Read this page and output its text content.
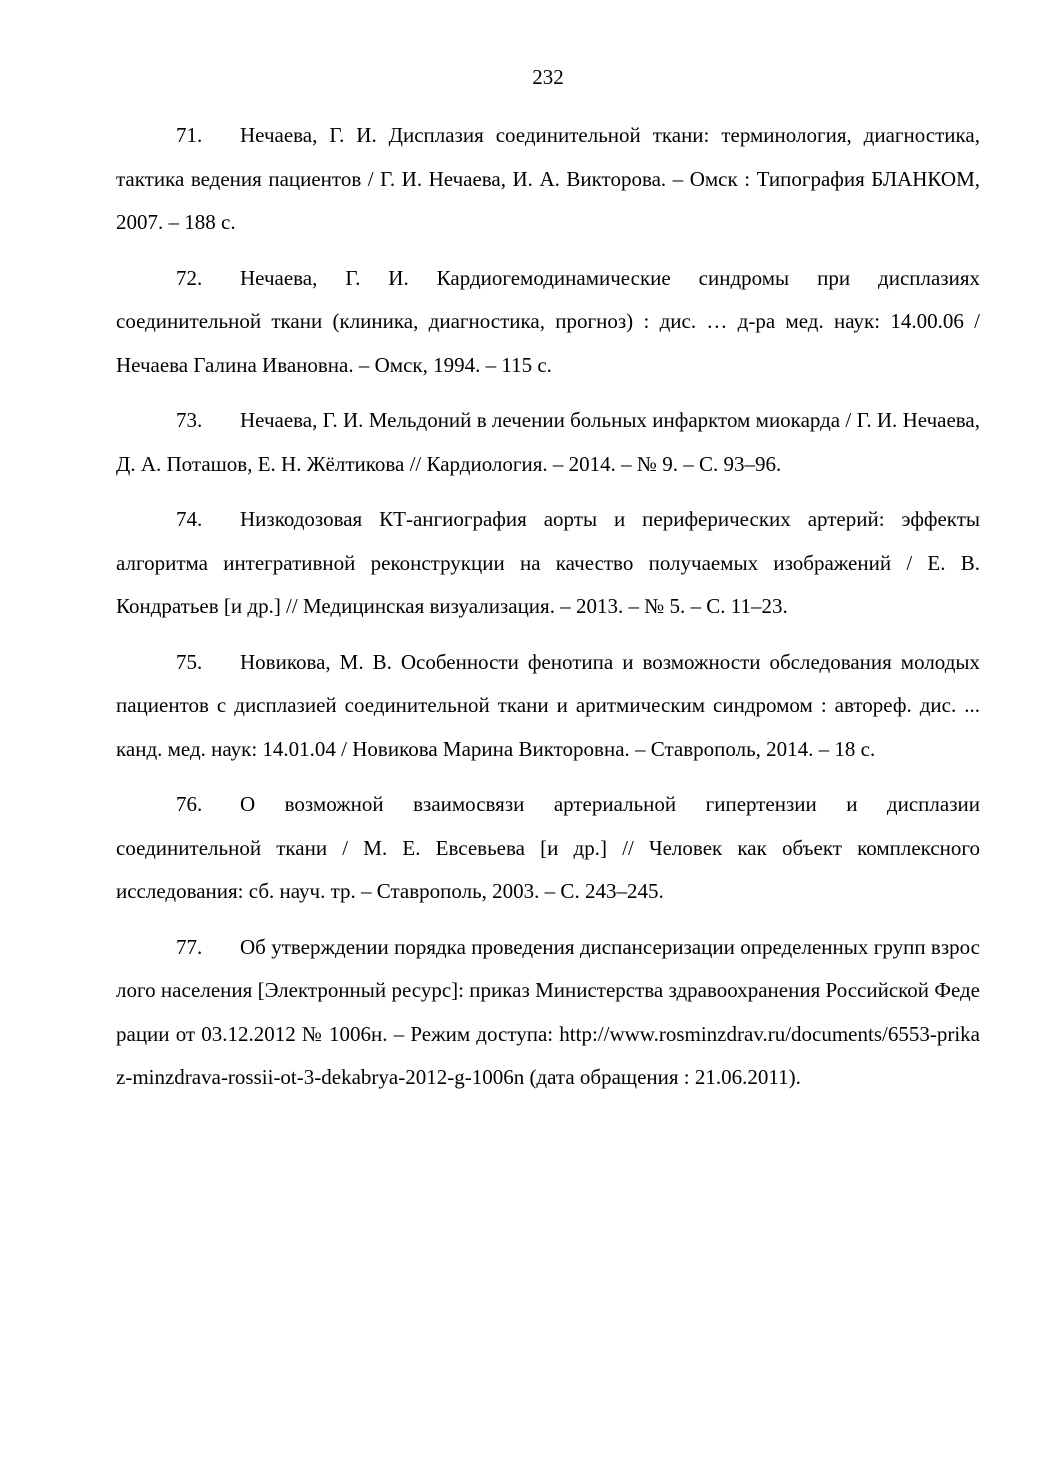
232

71. Нечаева, Г. И. Дисплазия соединительной ткани: терминология, диагностика, тактика ведения пациентов / Г. И. Нечаева, И. А. Викторова. – Омск : Типография БЛАНКОМ, 2007. – 188 с.

72. Нечаева, Г. И. Кардиогемодинамические синдромы при дисплазиях соединительной ткани (клиника, диагностика, прогноз) : дис. … д-ра мед. наук: 14.00.06 / Нечаева Галина Ивановна. – Омск, 1994. – 115 с.

73. Нечаева, Г. И. Мельдоний в лечении больных инфарктом миокарда / Г. И. Нечаева, Д. А. Поташов, Е. Н. Жёлтикова // Кардиология. – 2014. – № 9. – С. 93–96.

74. Низкодозовая КТ-ангиография аорты и периферических артерий: эффекты алгоритма интегративной реконструкции на качество получаемых изображений / Е. В. Кондратьев [и др.] // Медицинская визуализация. – 2013. – № 5. – С. 11–23.

75. Новикова, М. В. Особенности фенотипа и возможности обследования молодых пациентов с дисплазией соединительной ткани и аритмическим синдромом : автореф. дис. ... канд. мед. наук: 14.01.04 / Новикова Марина Викторовна. – Ставрополь, 2014. – 18 с.

76. О возможной взаимосвязи артериальной гипертензии и дисплазии соединительной ткани / М. Е. Евсевьева [и др.] // Человек как объект комплексного исследования: сб. науч. тр. – Ставрополь, 2003. – С. 243–245.

77. Об утверждении порядка проведения диспансеризации определенных групп взрослого населения [Электронный ресурс]: приказ Министерства здравоохранения Российской Федерации от 03.12.2012 № 1006н. – Режим доступа: http://www.rosminzdrav.ru/documents/6553-prikaz-minzdrava-rossii-ot-3-dekabrya-2012-g-1006n (дата обращения : 21.06.2011).
